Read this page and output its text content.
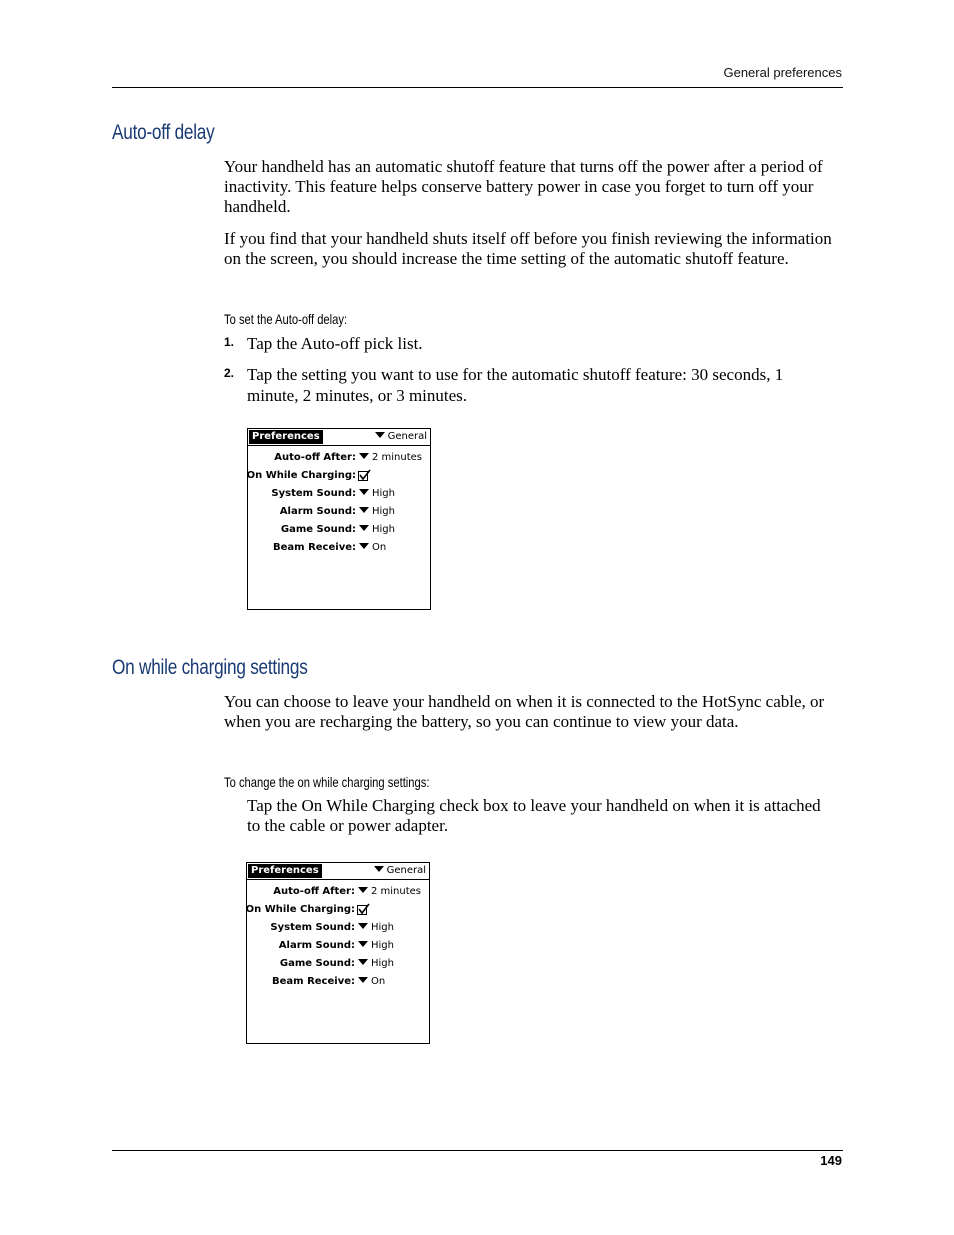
General preferences
Auto-off delay

Your handheld has an automatic shutoff feature that turns off the power after a period of inactivity. This feature helps conserve battery power in case you forget to turn off your handheld.

If you find that your handheld shuts itself off before you finish reviewing the information on the screen, you should increase the time setting of the automatic shutoff feature.

To set the Auto-off delay:
1. Tap the Auto-off pick list.

2. Tap the setting you want to use for the automatic shutoff feature: 30 seconds, 1 minute, 2 minutes, or 3 minutes.

Preferences	General
Auto-off After:	2 minutes
On While Charging:
System Sound:	High
Alarm Sound:	High
Game Sound:	High
Beam Receive:	On
On while charging settings

You can choose to leave your handheld on when it is connected to the HotSync cable, or when you are recharging the battery, so you can continue to view your data.

To change the on while charging settings:

Tap the On While Charging check box to leave your handheld on when it is attached to the cable or power adapter.

Preferences	General
Auto-off After:	2 minutes
On While Charging:
System Sound:	High
Alarm Sound:	High
Game Sound:	High
Beam Receive:	On
149
